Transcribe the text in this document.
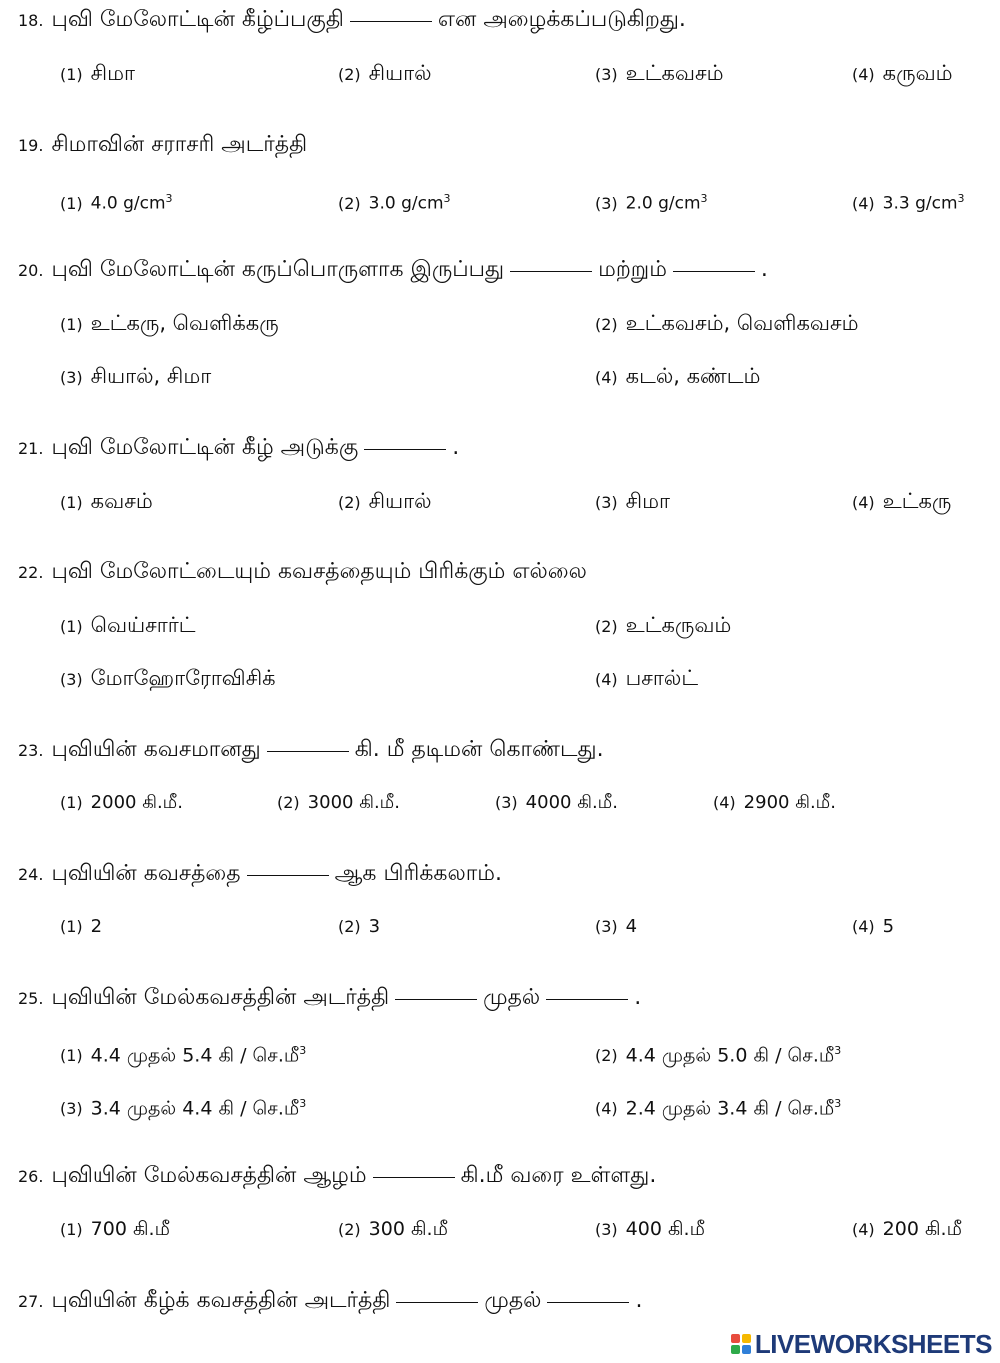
18. புவி மேலோட்டின் கீழ்ப்பகுதி	என அழைக்கப்படுகிறது.
(1) சிமா	(2) சியால்	(3) உட்கவசம்	(4) கருவம்
19. சிமாவின் சராசரி அடர்த்தி
(1) 4.0 $g/cm^3$	(2) 3.0 $g/cm^3$	(3) 2.0 $g/cm^3$	(4) 3.3 $g/cm^3$
20. புவி மேலோட்டின் கருப்பொருளாக இருப்பது	மற்றும்	.
(1) உட்கரு, வெளிக்கரு	(2) உட்கவசம், வெளிகவசம்
(3) சியால், சிமா	(4) கடல், கண்டம்
21. புவி மேலோட்டின் கீழ் அடுக்கு	.
(1) கவசம்	(2) சியால்	(3) சிமா	(4) உட்கரு
22. புவி மேலோட்டையும் கவசத்தையும் பிரிக்கும் எல்லை
(1) வெய்சார்ட்	(2) உட்கருவம்
(3) மோஹோரோவிசிக்	(4) பசால்ட்
23. புவியின் கவசமானது	கி. மீ தடிமன் கொண்டது.
(1) 2000 கி.மீ.	(2) 3000 கி.மீ.	(3) 4000 கி.மீ.	(4) 2900 கி.மீ.
24. புவியின் கவசத்தை	ஆக பிரிக்கலாம்.
(1) 2	(2) 3	(3) 4	(4) 5
25. புவியின் மேல்கவசத்தின் அடர்த்தி	முதல்	.
(1) 4.4 முதல் 5.4 கி / செ.மீ$^3$	(2) 4.4 முதல் 5.0 கி / செ.மீ$^3$
(3) 3.4 முதல் 4.4 கி / செ.மீ$^3$	(4) 2.4 முதல் 3.4 கி / செ.மீ$^3$
26. புவியின் மேல்கவசத்தின் ஆழம்	கி.மீ வரை உள்ளது.
(1) 700 கி.மீ	(2) 300 கி.மீ	(3) 400 கி.மீ	(4) 200 கி.மீ
27. புவியின் கீழ்க் கவசத்தின் அடர்த்தி	முதல்	.
LIVEWORKSHEETS
